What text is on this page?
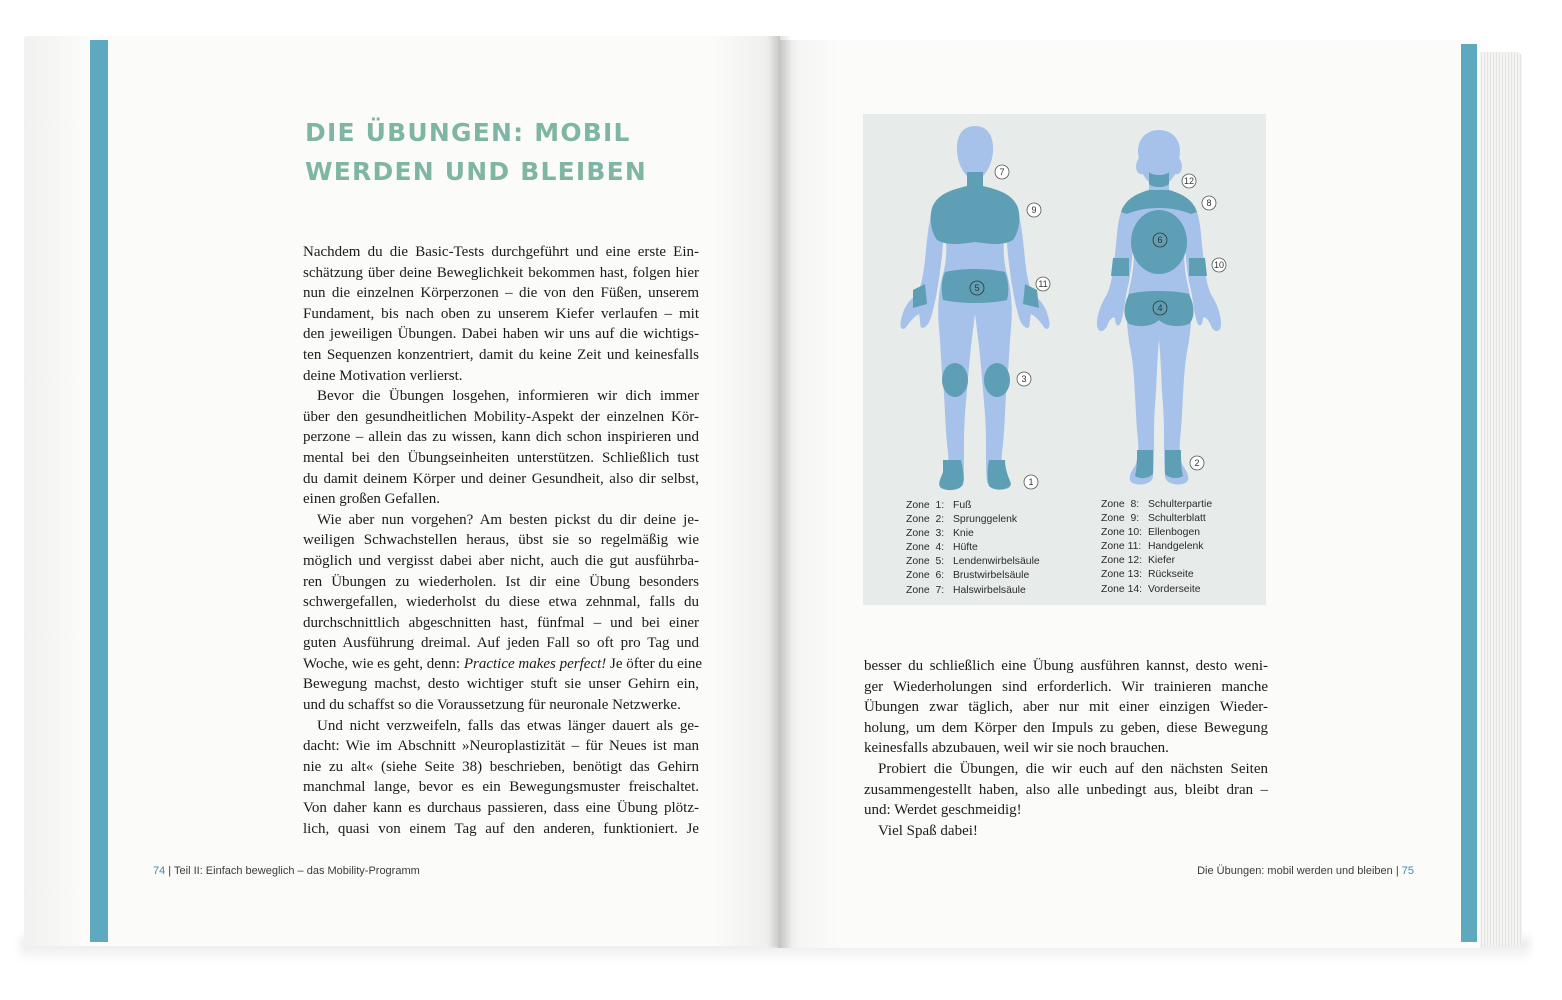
DIE ÜBUNGEN: MOBIL
WERDEN UND BLEIBEN

Nachdem du die Basic-Tests durchgeführt und eine erste Ein-
schätzung über deine Beweglichkeit bekommen hast, folgen hier
nun die einzelnen Körperzonen – die von den Füßen, unserem
Fundament, bis nach oben zu unserem Kiefer verlaufen – mit
den jeweiligen Übungen. Dabei haben wir uns auf die wichtigs-
ten Sequenzen konzentriert, damit du keine Zeit und keinesfalls
deine Motivation verlierst.

Bevor die Übungen losgehen, informieren wir dich immer
über den gesundheitlichen Mobility-Aspekt der einzelnen Kör-
perzone – allein das zu wissen, kann dich schon inspirieren und
mental bei den Übungseinheiten unterstützen. Schließlich tust
du damit deinem Körper und deiner Gesundheit, also dir selbst,
einen großen Gefallen.

Wie aber nun vorgehen? Am besten pickst du dir deine je-
weiligen Schwachstellen heraus, übst sie so regelmäßig wie
möglich und vergisst dabei aber nicht, auch die gut ausführba-
ren Übungen zu wiederholen. Ist dir eine Übung besonders
schwergefallen, wiederholst du diese etwa zehnmal, falls du
durchschnittlich abgeschnitten hast, fünfmal – und bei einer
guten Ausführung dreimal. Auf jeden Fall so oft pro Tag und
Woche, wie es geht, denn: Practice makes perfect! Je öfter du eine
Bewegung machst, desto wichtiger stuft sie unser Gehirn ein,
und du schaffst so die Voraussetzung für neuronale Netzwerke.

Und nicht verzweifeln, falls das etwas länger dauert als ge-
dacht: Wie im Abschnitt »Neuroplastizität – für Neues ist man
nie zu alt« (siehe Seite 38) beschrieben, benötigt das Gehirn
manchmal lange, bevor es ein Bewegungsmuster freischaltet.
Von daher kann es durchaus passieren, dass eine Übung plötz-
lich, quasi von einem Tag auf den anderen, funktioniert. Je

74 | Teil II: Einfach beweglich – das Mobility-Programm
7
9
11
5
3
1
12
8
6
10
4
2
Zone  1: Fuß
Zone  2: Sprunggelenk
Zone  3: Knie
Zone  4: Hüfte
Zone  5: Lendenwirbelsäule
Zone  6: Brustwirbelsäule
Zone  7: Halswirbelsäule
Zone  8: Schulterpartie
Zone  9: Schulterblatt
Zone 10: Ellenbogen
Zone 11: Handgelenk
Zone 12: Kiefer
Zone 13: Rückseite
Zone 14: Vorderseite

besser du schließlich eine Übung ausführen kannst, desto weni-
ger Wiederholungen sind erforderlich. Wir trainieren manche
Übungen zwar täglich, aber nur mit einer einzigen Wieder-
holung, um dem Körper den Impuls zu geben, diese Bewegung
keinesfalls abzubauen, weil wir sie noch brauchen.

Probiert die Übungen, die wir euch auf den nächsten Seiten
zusammengestellt haben, also alle unbedingt aus, bleibt dran –
und: Werdet geschmeidig!

Viel Spaß dabei!

Die Übungen: mobil werden und bleiben | 75
